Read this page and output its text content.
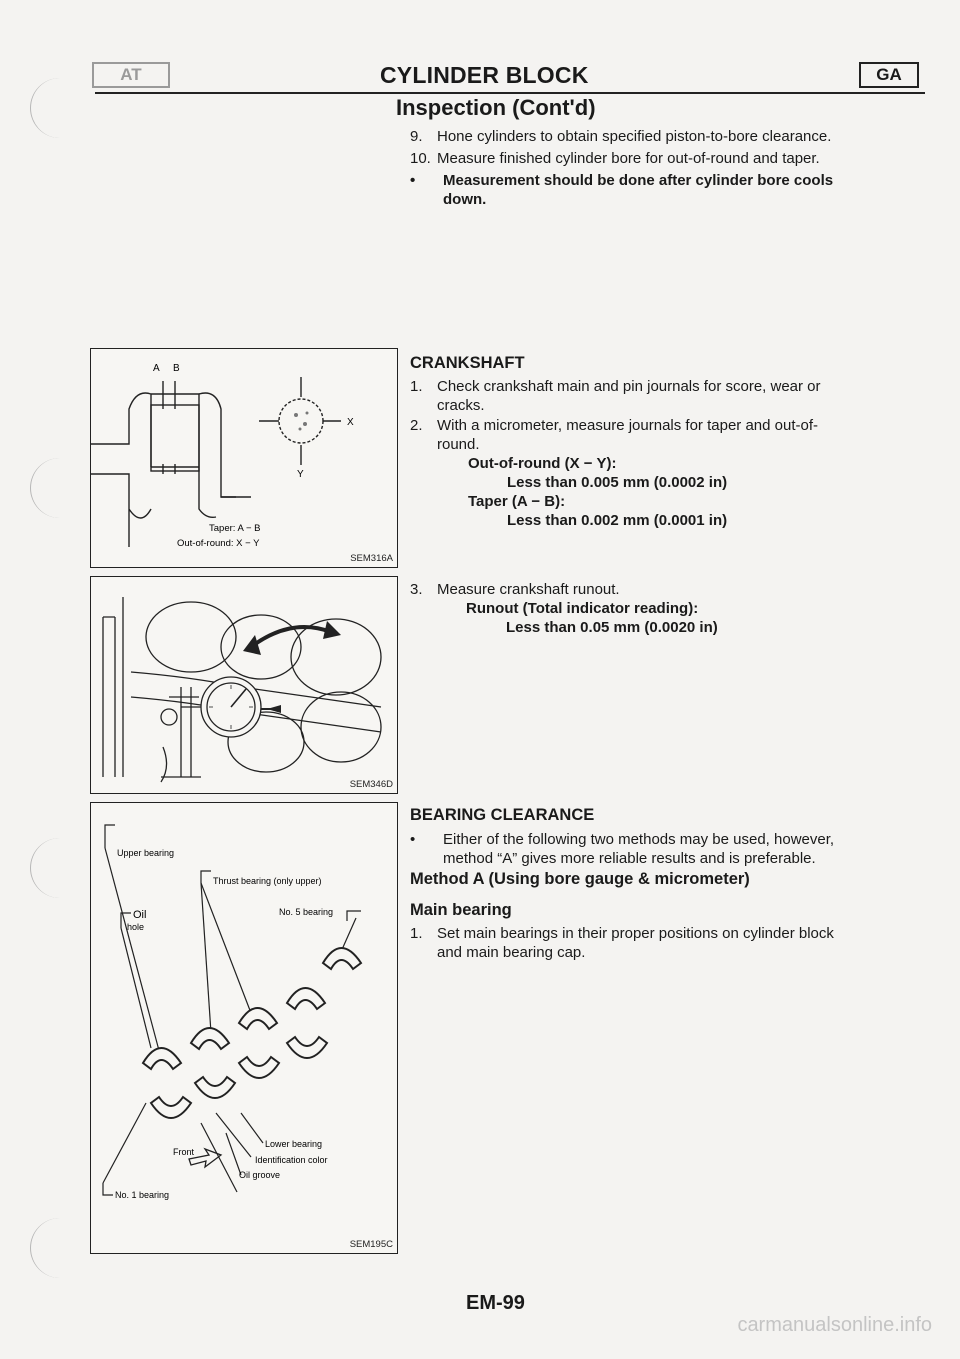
AT	CYLINDER BLOCK	GA
Inspection (Cont'd)
9. Hone cylinders to obtain specified piston-to-bore clearance.
10. Measure finished cylinder bore for out-of-round and taper.
•	Measurement should be done after cylinder bore cools
down.
CRANKSHAFT
1. Check crankshaft main and pin journals for score, wear or
cracks.
2. With a micrometer, measure journals for taper and out-of-
round.
Out-of-round (X − Y):
Less than 0.005 mm (0.0002 in)
Taper (A − B):
Less than 0.002 mm (0.0001 in)
3. Measure crankshaft runout.
Runout (Total indicator reading):
Less than 0.05 mm (0.0020 in)
BEARING CLEARANCE
•	Either of the following two methods may be used, however,
method “A” gives more reliable results and is preferable.
Method A (Using bore gauge & micrometer)
Main bearing
1. Set main bearings in their proper positions on cylinder block
and main bearing cap.
A B
X
Y
Taper: A − B
Out-of-round: X − Y
SEM316A
SEM346D
Upper bearing
Thrust bearing (only upper)
Oil
hole
No. 5 bearing
Lower bearing
Front
Identification color
Oil groove
No. 1 bearing
SEM195C
EM-99
carmanualsonline.info
